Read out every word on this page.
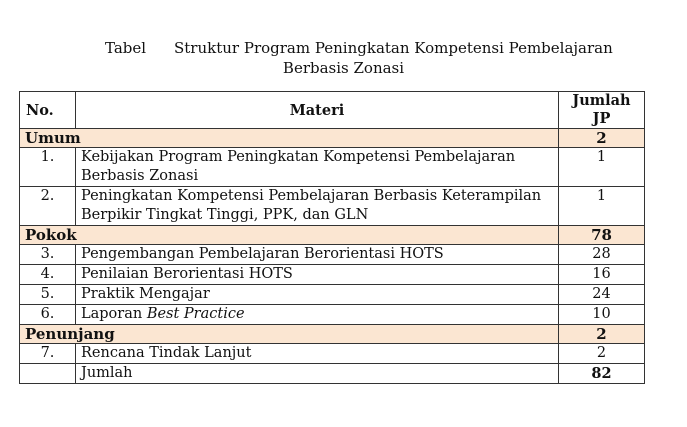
Tabel Struktur Program Peningkatan Kompetensi Pembelajaran
Berbasis Zonasi
No.	Materi	Jumlah
JP

Umum		2
1.	Kebijakan Program Peningkatan Kompetensi Pembelajaran
Berbasis Zonasi	1
2.	Peningkatan Kompetensi Pembelajaran Berbasis Keterampilan
Berpikir Tingkat Tinggi, PPK, dan GLN	1
Pokok		78
3.	Pengembangan Pembelajaran Berorientasi HOTS	28
4.	Penilaian Berorientasi HOTS	16
5.	Praktik Mengajar	24
6.	Laporan Best Practice	10
Penunjang		2
7.	Rencana Tindak Lanjut	2
	Jumlah	82
